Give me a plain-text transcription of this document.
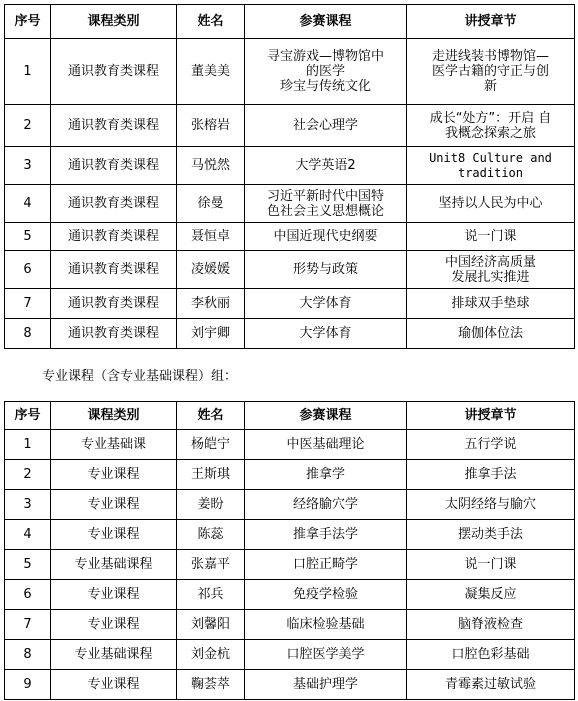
序号	课程类别	姓名	参赛课程	讲授章节
1	通识教育类课程	董美美	寻宝游戏—博物馆中
的医学
珍宝与传统文化	走进线装书博物馆—
医学古籍的守正与创
新
2	通识教育类课程	张榕岩	社会心理学	成长“处方”：开启 自
我概念探索之旅
3	通识教育类课程	马悦然	大学英语2	Unit8 Culture and
tradition
4	通识教育类课程	徐曼	习近平新时代中国特
色社会主义思想概论	坚持以人民为中心
5	通识教育类课程	聂恒卓	中国近现代史纲要	说一门课
6	通识教育类课程	凌媛媛	形势与政策	中国经济高质量
发展扎实推进
7	通识教育类课程	李秋丽	大学体育	排球双手垫球
8	通识教育类课程	刘宇卿	大学体育	瑜伽体位法
专业课程（含专业基础课程）组：
序号	课程类别	姓名	参赛课程	讲授章节
1	专业基础课	杨皑宁	中医基础理论	五行学说
2	专业课程	王斯琪	推拿学	推拿手法
3	专业课程	姜盼	经络腧穴学	太阴经络与腧穴
4	专业课程	陈蕊	推拿手法学	摆动类手法
5	专业基础课程	张嘉平	口腔正畸学	说一门课
6	专业课程	祁兵	免疫学检验	凝集反应
7	专业课程	刘馨阳	临床检验基础	脑脊液检查
8	专业基础课程	刘金杭	口腔医学美学	口腔色彩基础
9	专业课程	鞠荟萃	基础护理学	青霉素过敏试验
